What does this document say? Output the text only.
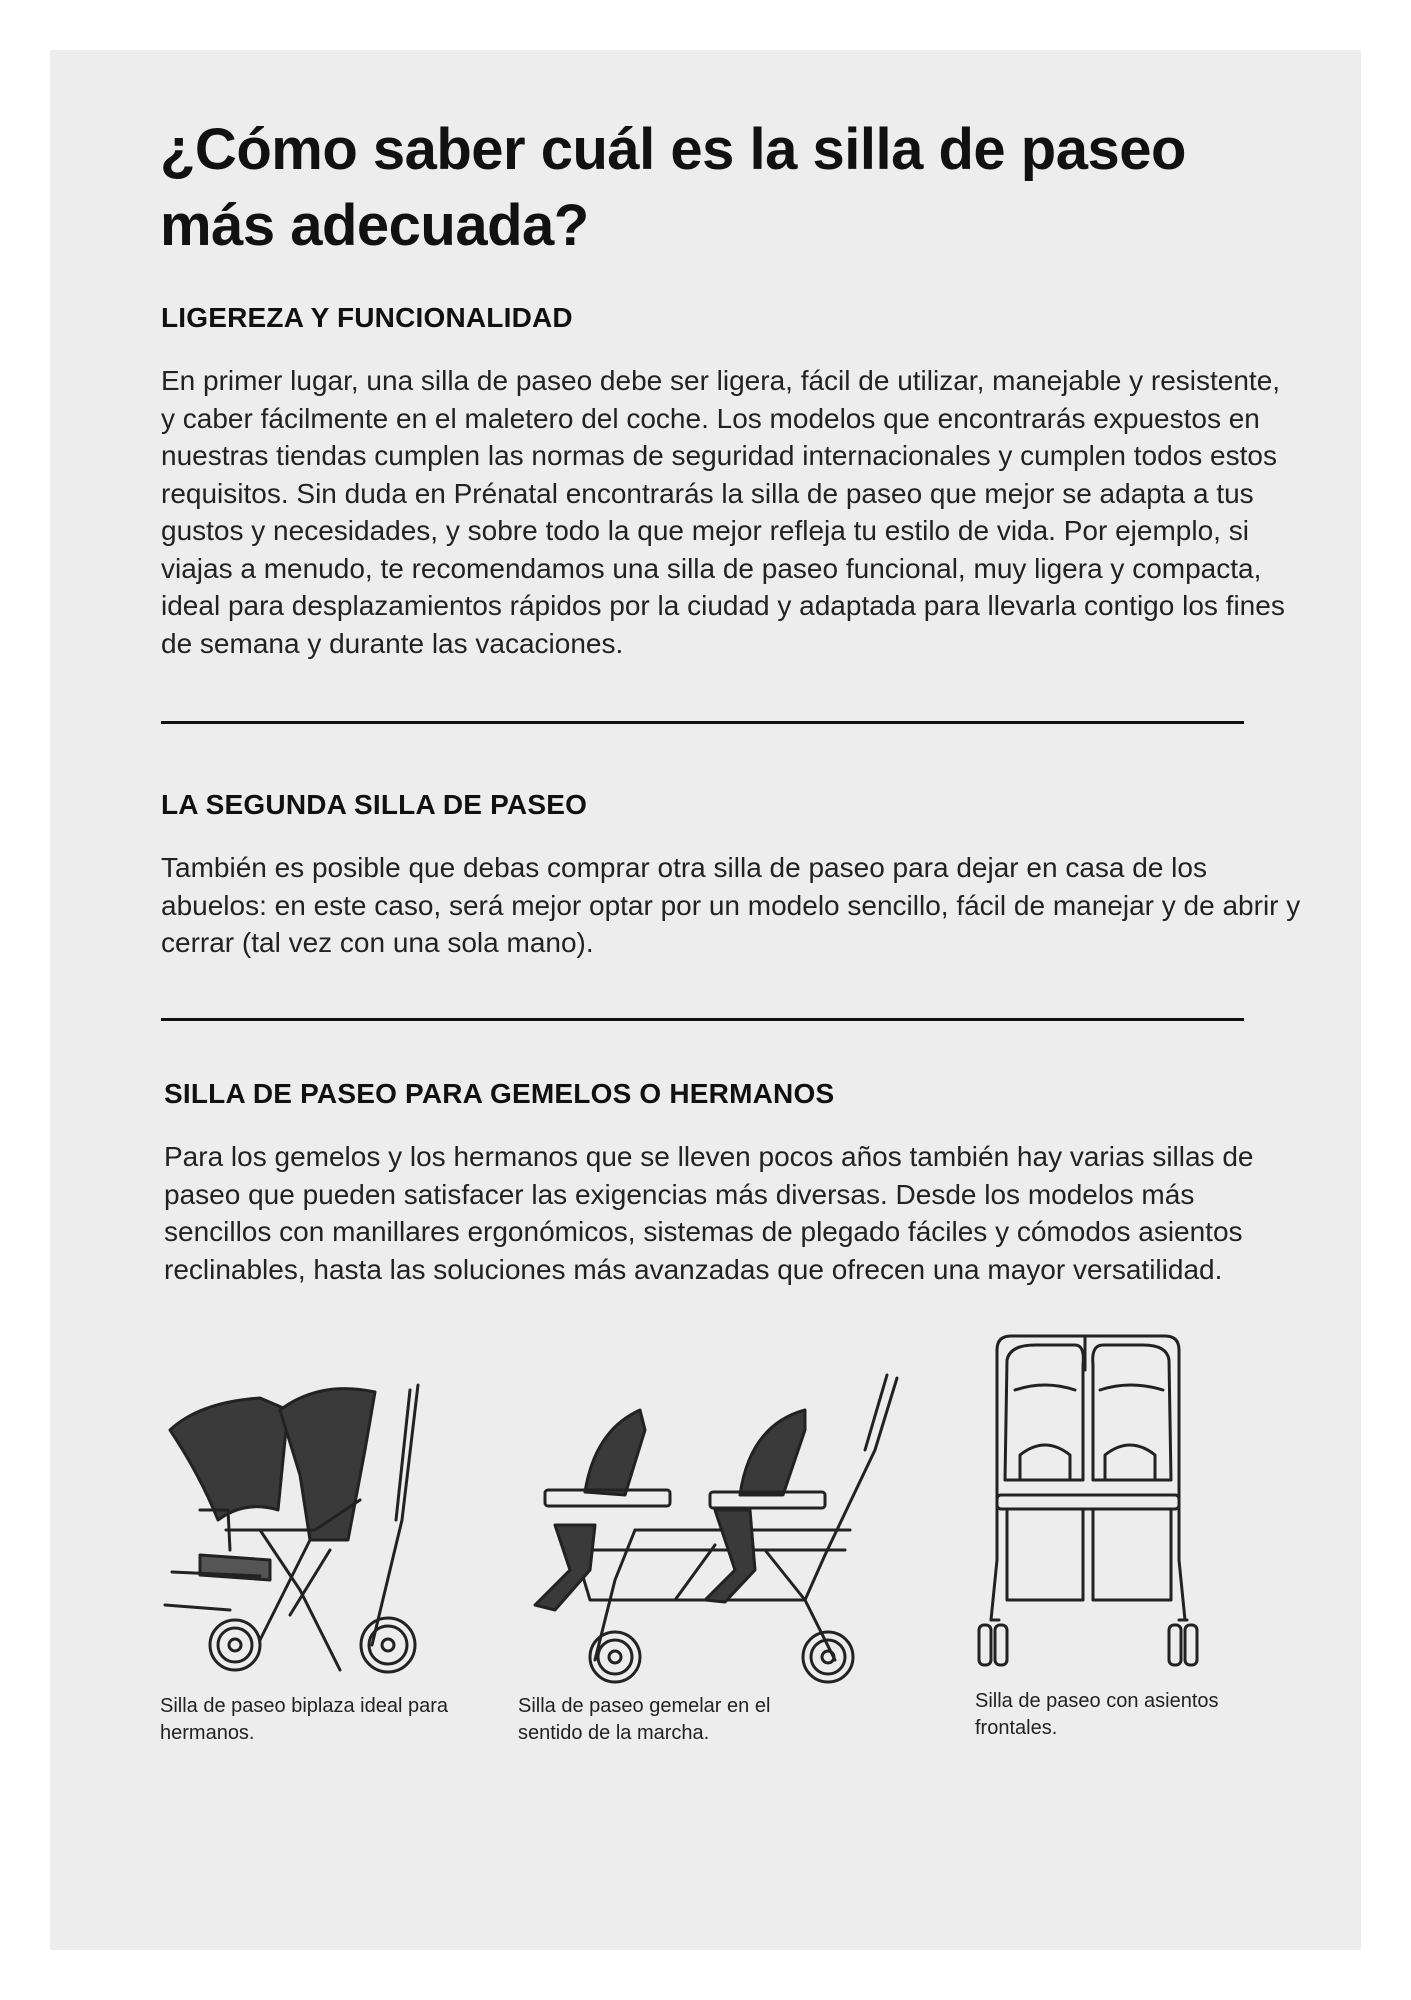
¿Cómo saber cuál es la silla de paseo más adecuada?
LIGEREZA Y FUNCIONALIDAD

En primer lugar, una silla de paseo debe ser ligera, fácil de utilizar, manejable y resistente, y caber fácilmente en el maletero del coche. Los modelos que encontrarás expuestos en nuestras tiendas cumplen las normas de seguridad internacionales y cumplen todos estos requisitos. Sin duda en Prénatal encontrarás la silla de paseo que mejor se adapta a tus gustos y necesidades, y sobre todo la que mejor refleja tu estilo de vida. Por ejemplo, si viajas a menudo, te recomendamos una silla de paseo funcional, muy ligera y compacta, ideal para desplazamientos rápidos por la ciudad y adaptada para llevarla contigo los fines de semana y durante las vacaciones.

LA SEGUNDA SILLA DE PASEO

También es posible que debas comprar otra silla de paseo para dejar en casa de los abuelos: en este caso, será mejor optar por un modelo sencillo, fácil de manejar y de abrir y cerrar (tal vez con una sola mano).

SILLA DE PASEO PARA GEMELOS O HERMANOS

Para los gemelos y los hermanos que se lleven pocos años también hay varias sillas de paseo que pueden satisfacer las exigencias más diversas. Desde los modelos más sencillos con manillares ergonómicos, sistemas de plegado fáciles y cómodos asientos reclinables, hasta las soluciones más avanzadas que ofrecen una mayor versatilidad.

Silla de paseo biplaza ideal para hermanos.

Silla de paseo gemelar en el sentido de la marcha.

Silla de paseo con asientos frontales.
